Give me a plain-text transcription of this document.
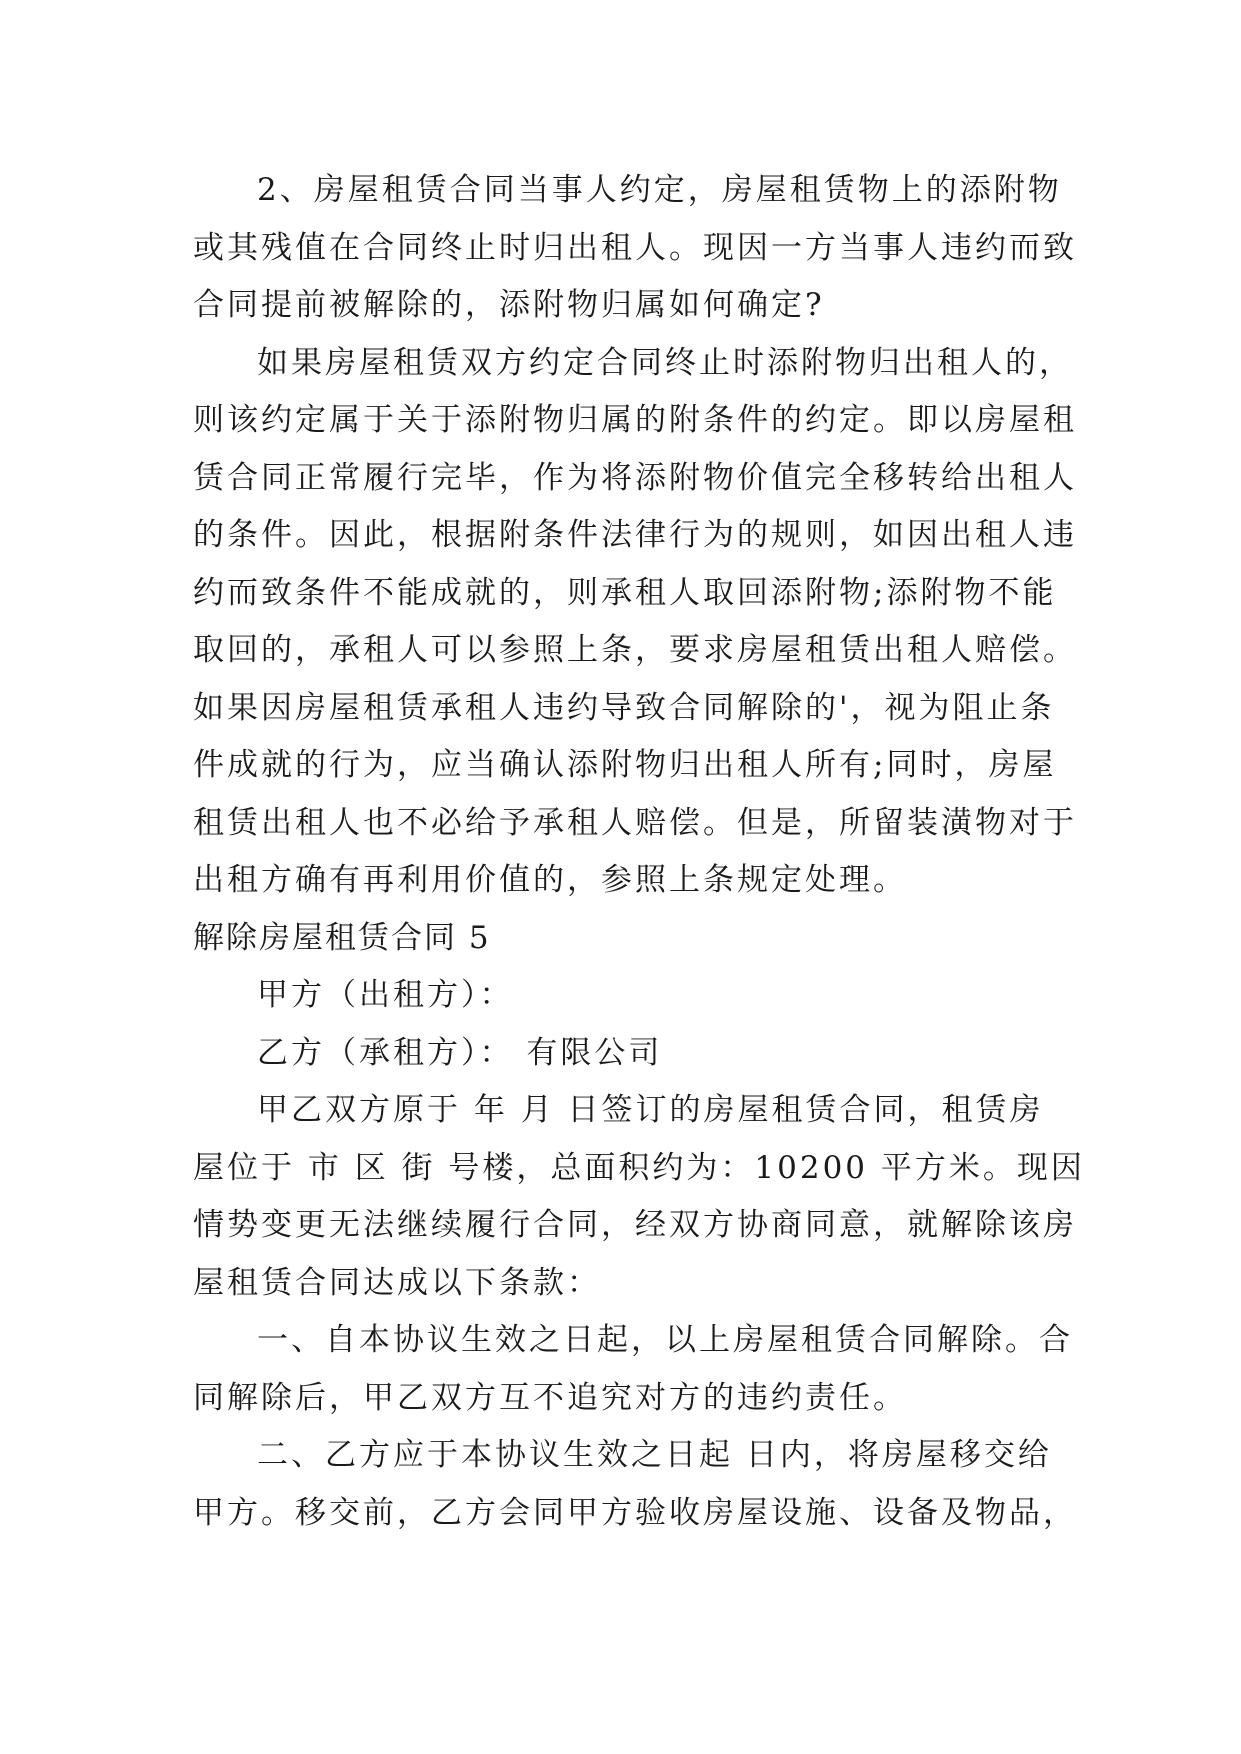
2、房屋租赁合同当事人约定，房屋租赁物上的添附物
或其残值在合同终止时归出租人。现因一方当事人违约而致
合同提前被解除的，添附物归属如何确定?
如果房屋租赁双方约定合同终止时添附物归出租人的，
则该约定属于关于添附物归属的附条件的约定。即以房屋租
赁合同正常履行完毕，作为将添附物价值完全移转给出租人
的条件。因此，根据附条件法律行为的规则，如因出租人违
约而致条件不能成就的，则承租人取回添附物;添附物不能
取回的，承租人可以参照上条，要求房屋租赁出租人赔偿。
如果因房屋租赁承租人违约导致合同解除的'，视为阻止条
件成就的行为，应当确认添附物归出租人所有;同时，房屋
租赁出租人也不必给予承租人赔偿。但是，所留装潢物对于
出租方确有再利用价值的，参照上条规定处理。
解除房屋租赁合同 5
甲方（出租方）：
乙方（承租方）： 有限公司
甲乙双方原于 年 月 日签订的房屋租赁合同，租赁房
屋位于 市 区 街 号楼，总面积约为：10200 平方米。现因
情势变更无法继续履行合同，经双方协商同意，就解除该房
屋租赁合同达成以下条款：
一、自本协议生效之日起，以上房屋租赁合同解除。合
同解除后，甲乙双方互不追究对方的违约责任。
二、乙方应于本协议生效之日起 日内，将房屋移交给
甲方。移交前，乙方会同甲方验收房屋设施、设备及物品，
